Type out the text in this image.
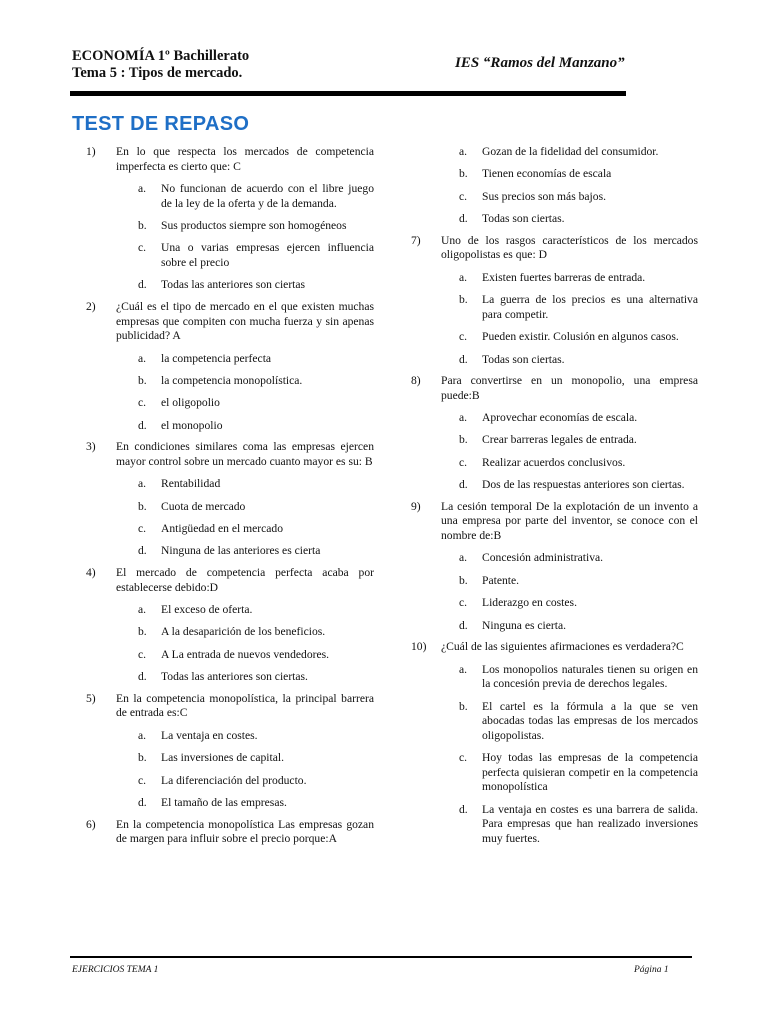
ECONOMÍA 1º Bachillerato
Tema 5 : Tipos de mercado.
IES “Ramos del Manzano”
TEST DE REPASO
1)	En lo que respecta los mercados de competencia imperfecta es cierto que: C
a.	No funcionan de acuerdo con el libre juego de la ley de la oferta y de la demanda.
b.	Sus productos siempre son homogéneos
c.	Una o varias empresas ejercen influencia sobre el precio
d.	Todas las anteriores son ciertas
2)	¿Cuál es el tipo de mercado en el que existen muchas empresas que compiten con mucha fuerza y sin apenas publicidad? A
a.	la competencia perfecta
b.	la competencia monopolística.
c.	el oligopolio
d.	el monopolio
3)	En condiciones similares coma las empresas ejercen mayor control sobre un mercado cuanto mayor es su: B
a.	Rentabilidad
b.	Cuota de mercado
c.	Antigüedad en el mercado
d.	Ninguna de las anteriores es cierta
4)	El mercado de competencia perfecta acaba por establecerse debido:D
a.	El exceso de oferta.
b.	A la desaparición de los beneficios.
c.	A La entrada de nuevos vendedores.
d.	Todas las anteriores son ciertas.
5)	En la competencia monopolística, la principal barrera de entrada es:C
a.	La ventaja en costes.
b.	Las inversiones de capital.
c.	La diferenciación del producto.
d.	El tamaño de las empresas.
6)	En la competencia monopolística Las empresas gozan de margen para influir sobre el precio porque:A
a.	Gozan de la fidelidad del consumidor.
b.	Tienen economías de escala
c.	Sus precios son más bajos.
d.	Todas son ciertas.
7)	Uno de los rasgos característicos de los mercados oligopolistas es que: D
a.	Existen fuertes barreras de entrada.
b.	La guerra de los precios es una alternativa para competir.
c.	Pueden existir. Colusión en algunos casos.
d.	Todas son ciertas.
8)	Para convertirse en un monopolio, una empresa puede:B
a.	Aprovechar economías de escala.
b.	Crear barreras legales de entrada.
c.	Realizar acuerdos conclusivos.
d.	Dos de las respuestas anteriores son ciertas.
9)	La cesión temporal De la explotación de un invento a una empresa por parte del inventor, se conoce con el nombre de:B
a.	Concesión administrativa.
b.	Patente.
c.	Liderazgo en costes.
d.	Ninguna es cierta.
10)	¿Cuál de las siguientes afirmaciones es verdadera?C
a.	Los monopolios naturales tienen su origen en la concesión previa de derechos legales.
b.	El cartel es la fórmula a la que se ven abocadas todas las empresas de los mercados oligopolistas.
c.	Hoy todas las empresas de la competencia perfecta quisieran competir en la competencia monopolística
d.	La ventaja en costes es una barrera de salida. Para empresas que han realizado inversiones muy fuertes.
EJERCICIOS TEMA 1	Página 1
